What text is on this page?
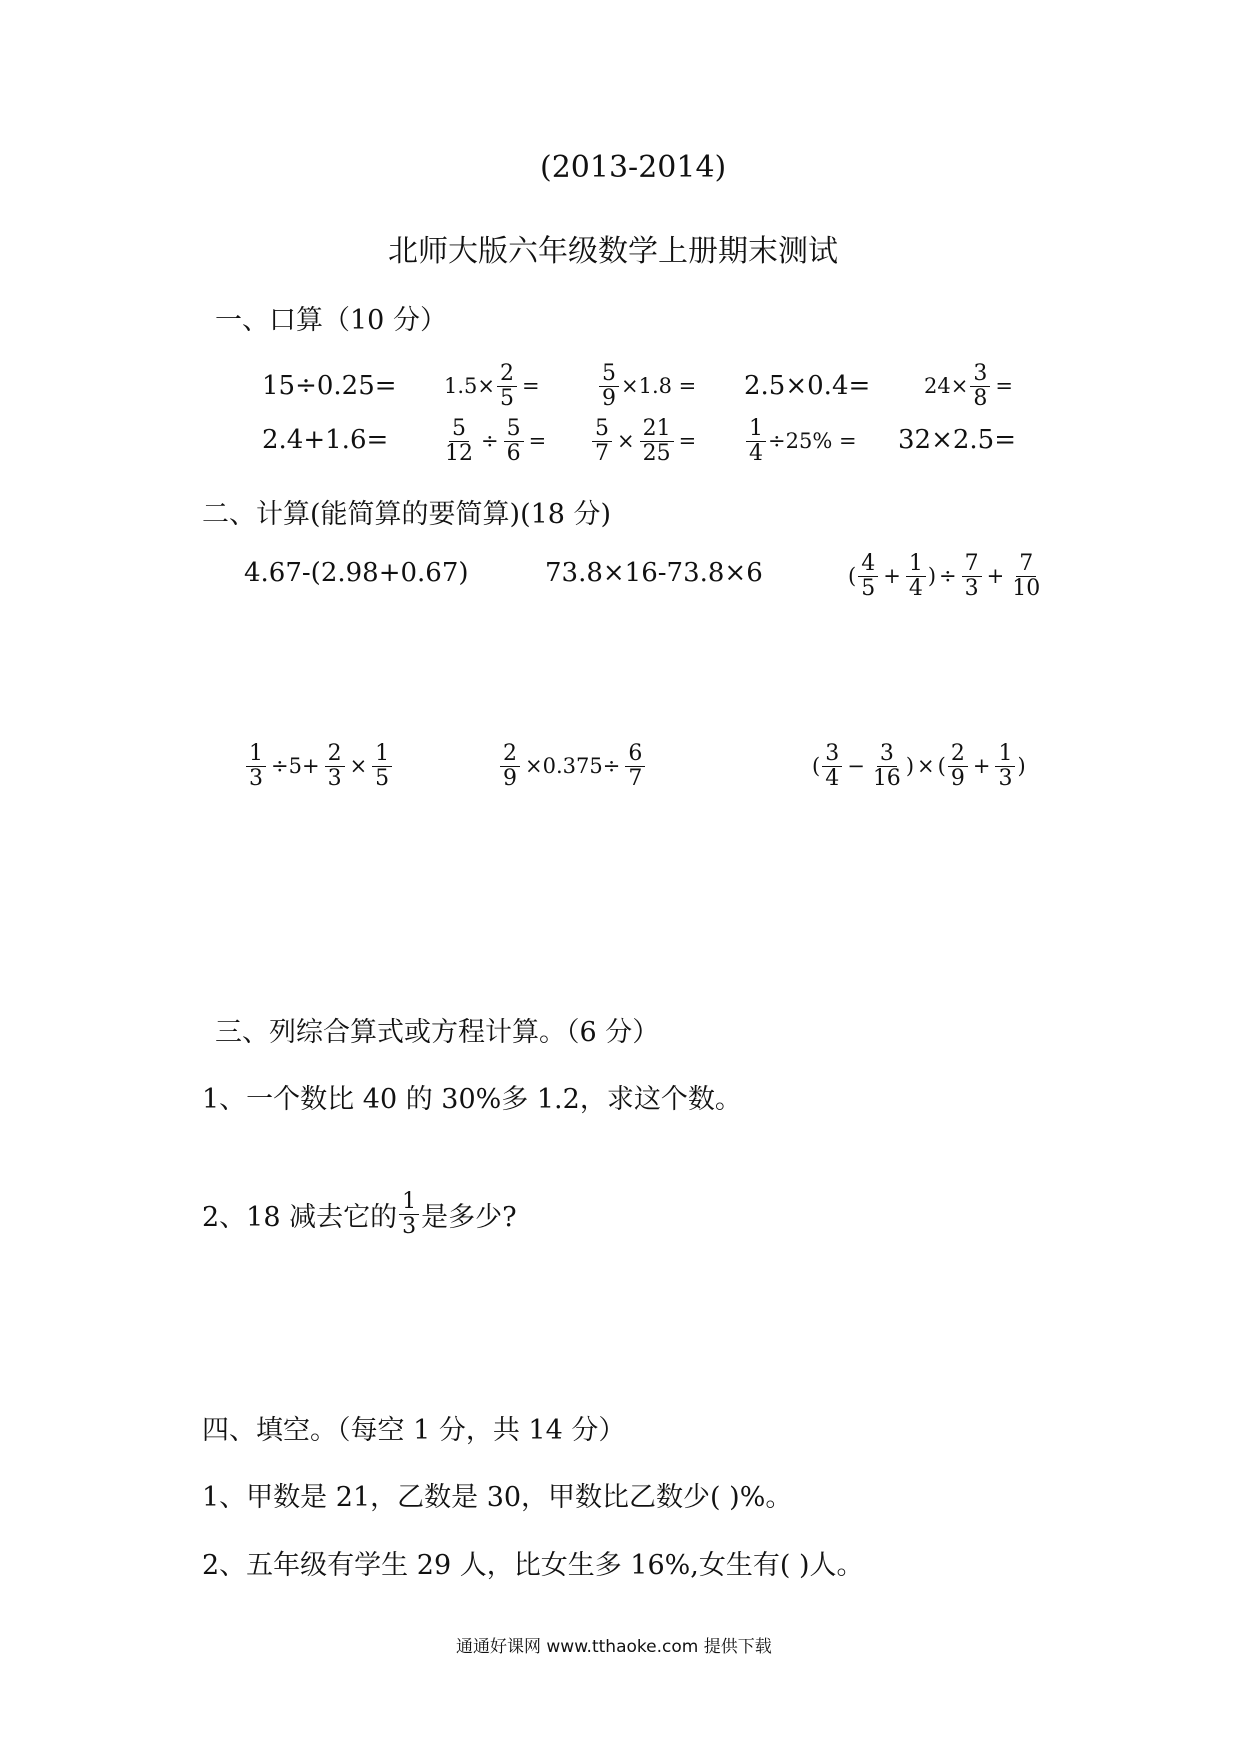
(2013-2014)
北师大版六年级数学上册期末测试
一、口算（10 分）
$15\div 0.25= 1.5\times \frac{2}{5}$ =	$\frac{5}{9} \times 1.8 = 2.5\times 0.4=$	$24\times \frac{3}{8}$ =
$2.4+1.6= \frac{5}{12} \div \frac{5}{6} = \frac{5}{7} \times \frac{21}{25} = \frac{1}{4} \div 25\% = 32\times 2.5=$
二、计算(能简算的要简算)(18 分)
4.67-(2.98+0.67)	73.8×16-73.8×6	( $\frac{4}{5} + \frac{1}{4}$ ) ÷ $\frac{7}{3} + \frac{7}{10}$
$\frac{1}{3} \div 5+ \frac{2}{3} \times \frac{1}{5}$	$\frac{2}{9} \times 0.375\div \frac{6}{7}$	( $\frac{3}{4} - \frac{3}{16}$ ) × ( $\frac{2}{9} + \frac{1}{3}$ )
三、列综合算式或方程计算。（6 分）
1、一个数比 40 的 30%多 1.2，求这个数。
2、18 减去它的 $\frac{1}{3}$ 是多少?
四、填空。（每空 1 分，共 14 分）
1、甲数是 21，乙数是 30，甲数比乙数少( )%。
2、五年级有学生 29 人，比女生多 16%,女生有( )人。
通通好课网 www.tthaoke.com 提供下载
